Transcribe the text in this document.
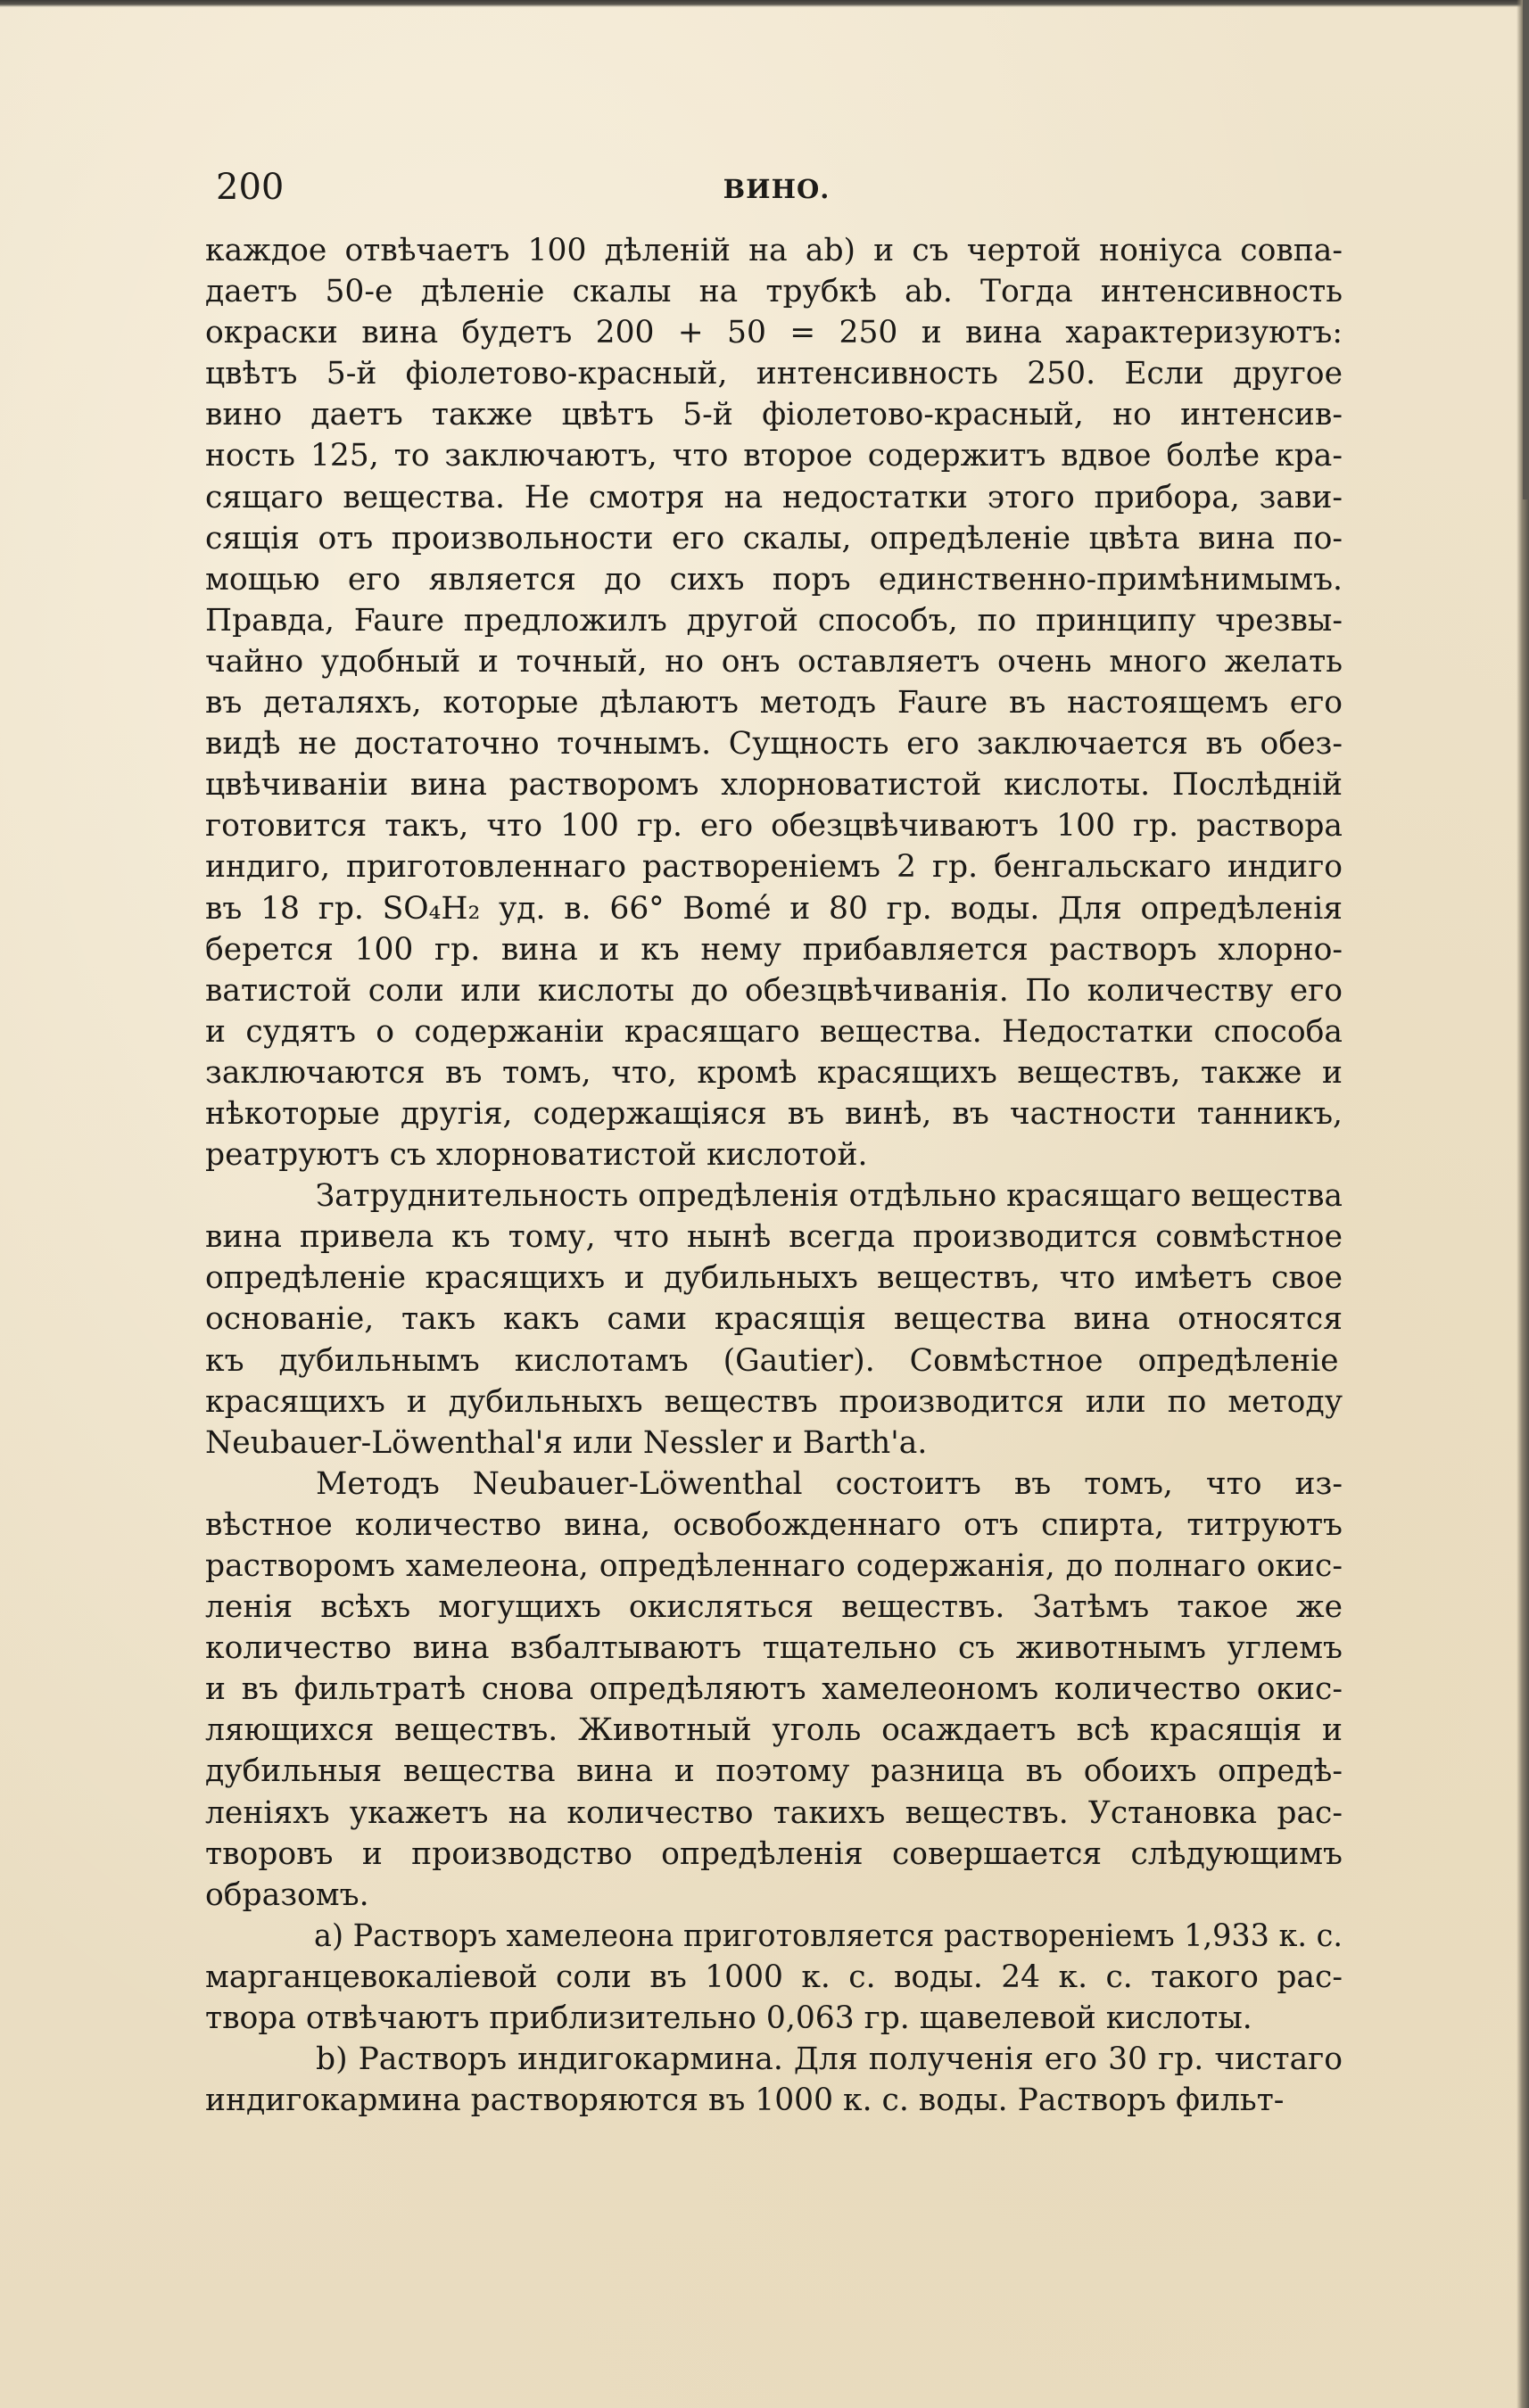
200	ВИНО.

каждое отвѣчаетъ 100 дѣленій на ab) и съ чертой ноніуса совпа-
даетъ 50-е дѣленіе скалы на трубкѣ ab. Тогда интенсивность
окраски вина будетъ 200 + 50 = 250 и вина характеризуютъ:
цвѣтъ 5-й фіолетово-красный, интенсивность 250. Если другое
вино даетъ также цвѣтъ 5-й фіолетово-красный, но интенсив-
ность 125, то заключаютъ, что второе содержитъ вдвое болѣе кра-
сящаго вещества. Не смотря на недостатки этого прибора, зави-
сящія отъ произвольности его скалы, опредѣленіе цвѣта вина по-
мощью его является до сихъ поръ единственно-примѣнимымъ.
Правда, Faure предложилъ другой способъ, по принципу чрезвы-
чайно удобный и точный, но онъ оставляетъ очень много желать
въ деталяхъ, которые дѣлаютъ методъ Faure въ настоящемъ его
видѣ не достаточно точнымъ. Сущность его заключается въ обез-
цвѣчиваніи вина растворомъ хлорноватистой кислоты. Послѣдній
готовится такъ, что 100 гр. его обезцвѣчиваютъ 100 гр. раствора
индиго, приготовленнаго раствореніемъ 2 гр. бенгальскаго индиго
въ 18 гр. SO₄H₂ уд. в. 66° Bomé и 80 гр. воды. Для опредѣленія
берется 100 гр. вина и къ нему прибавляется растворъ хлорно-
ватистой соли или кислоты до обезцвѣчиванія. По количеству его
и судятъ о содержаніи красящаго вещества. Недостатки способа
заключаются въ томъ, что, кромѣ красящихъ веществъ, также и
нѣкоторые другія, содержащіяся въ винѣ, въ частности танникъ,
реатруютъ съ хлорноватистой кислотой.

Затруднительность опредѣленія отдѣльно красящаго вещества
вина привела къ тому, что нынѣ всегда производится совмѣстное
опредѣленіе красящихъ и дубильныхъ веществъ, что имѣетъ свое
основаніе, такъ какъ сами красящія вещества вина относятся
къ дубильнымъ кислотамъ (Gautier). Совмѣстное опредѣленіе
красящихъ и дубильныхъ веществъ производится или по методу
Neubauer-Löwenthal'я или Nessler и Barth'а.

Методъ Neubauer-Löwenthal состоитъ въ томъ, что из-
вѣстное количество вина, освобожденнаго отъ спирта, титруютъ
растворомъ хамелеона, опредѣленнаго содержанія, до полнаго окис-
ленія всѣхъ могущихъ окисляться веществъ. Затѣмъ такое же
количество вина взбалтываютъ тщательно съ животнымъ углемъ
и въ фильтратѣ снова опредѣляютъ хамелеономъ количество окис-
ляющихся веществъ. Животный уголь осаждаетъ всѣ красящія и
дубильныя вещества вина и поэтому разница въ обоихъ опредѣ-
леніяхъ укажетъ на количество такихъ веществъ. Установка рас-
творовъ и производство опредѣленія совершается слѣдующимъ
образомъ.

a) Растворъ хамелеона приготовляется раствореніемъ 1,933 к. с.
марганцевокаліевой соли въ 1000 к. с. воды. 24 к. с. такого рас-
твора отвѣчаютъ приблизительно 0,063 гр. щавелевой кислоты.

b) Растворъ индигокармина. Для полученія его 30 гр. чистаго
индигокармина растворяются въ 1000 к. с. воды. Растворъ фильт-
